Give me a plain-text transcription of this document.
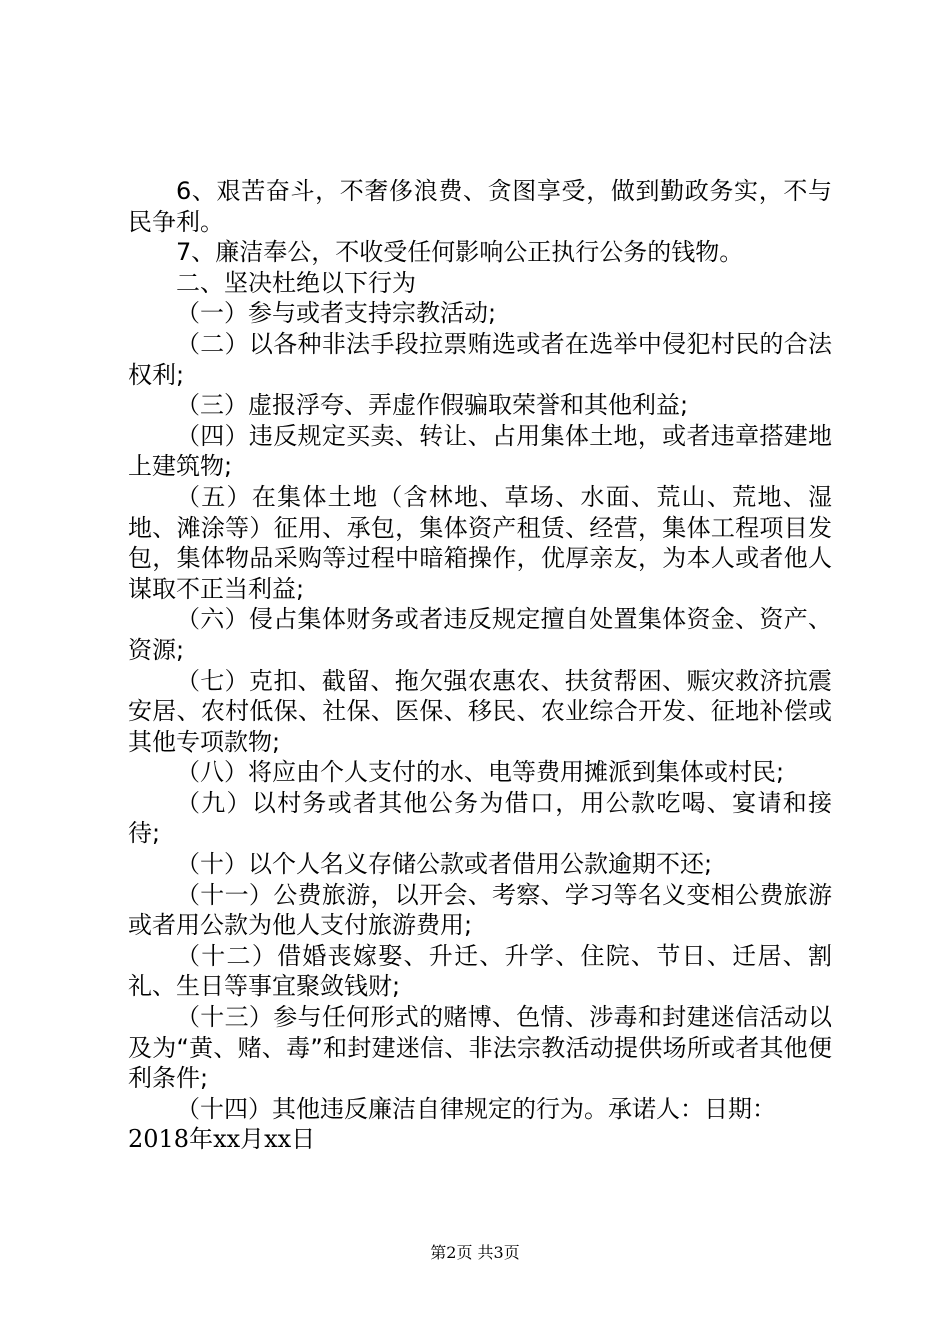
6、艰苦奋斗，不奢侈浪费、贪图享受，做到勤政务实，不与民争利。

7、廉洁奉公，不收受任何影响公正执行公务的钱物。

二、坚决杜绝以下行为

（一）参与或者支持宗教活动;

（二）以各种非法手段拉票贿选或者在选举中侵犯村民的合法权利;

（三）虚报浮夸、弄虚作假骗取荣誉和其他利益;

（四）违反规定买卖、转让、占用集体土地，或者违章搭建地上建筑物;

（五）在集体土地（含林地、草场、水面、荒山、荒地、湿地、滩涂等）征用、承包，集体资产租赁、经营，集体工程项目发包，集体物品采购等过程中暗箱操作，优厚亲友，为本人或者他人谋取不正当利益;

（六）侵占集体财务或者违反规定擅自处置集体资金、资产、资源;

（七）克扣、截留、拖欠强农惠农、扶贫帮困、赈灾救济抗震安居、农村低保、社保、医保、移民、农业综合开发、征地补偿或其他专项款物;

（八）将应由个人支付的水、电等费用摊派到集体或村民;

（九）以村务或者其他公务为借口，用公款吃喝、宴请和接待;

（十）以个人名义存储公款或者借用公款逾期不还;

（十一）公费旅游，以开会、考察、学习等名义变相公费旅游或者用公款为他人支付旅游费用;

（十二）借婚丧嫁娶、升迁、升学、住院、节日、迁居、割礼、生日等事宜聚敛钱财;

（十三）参与任何形式的赌博、色情、涉毒和封建迷信活动以及为“黄、赌、毒”和封建迷信、非法宗教活动提供场所或者其他便利条件;

（十四）其他违反廉洁自律规定的行为。承诺人：日期：

2018年xx月xx日

第2页 共3页
